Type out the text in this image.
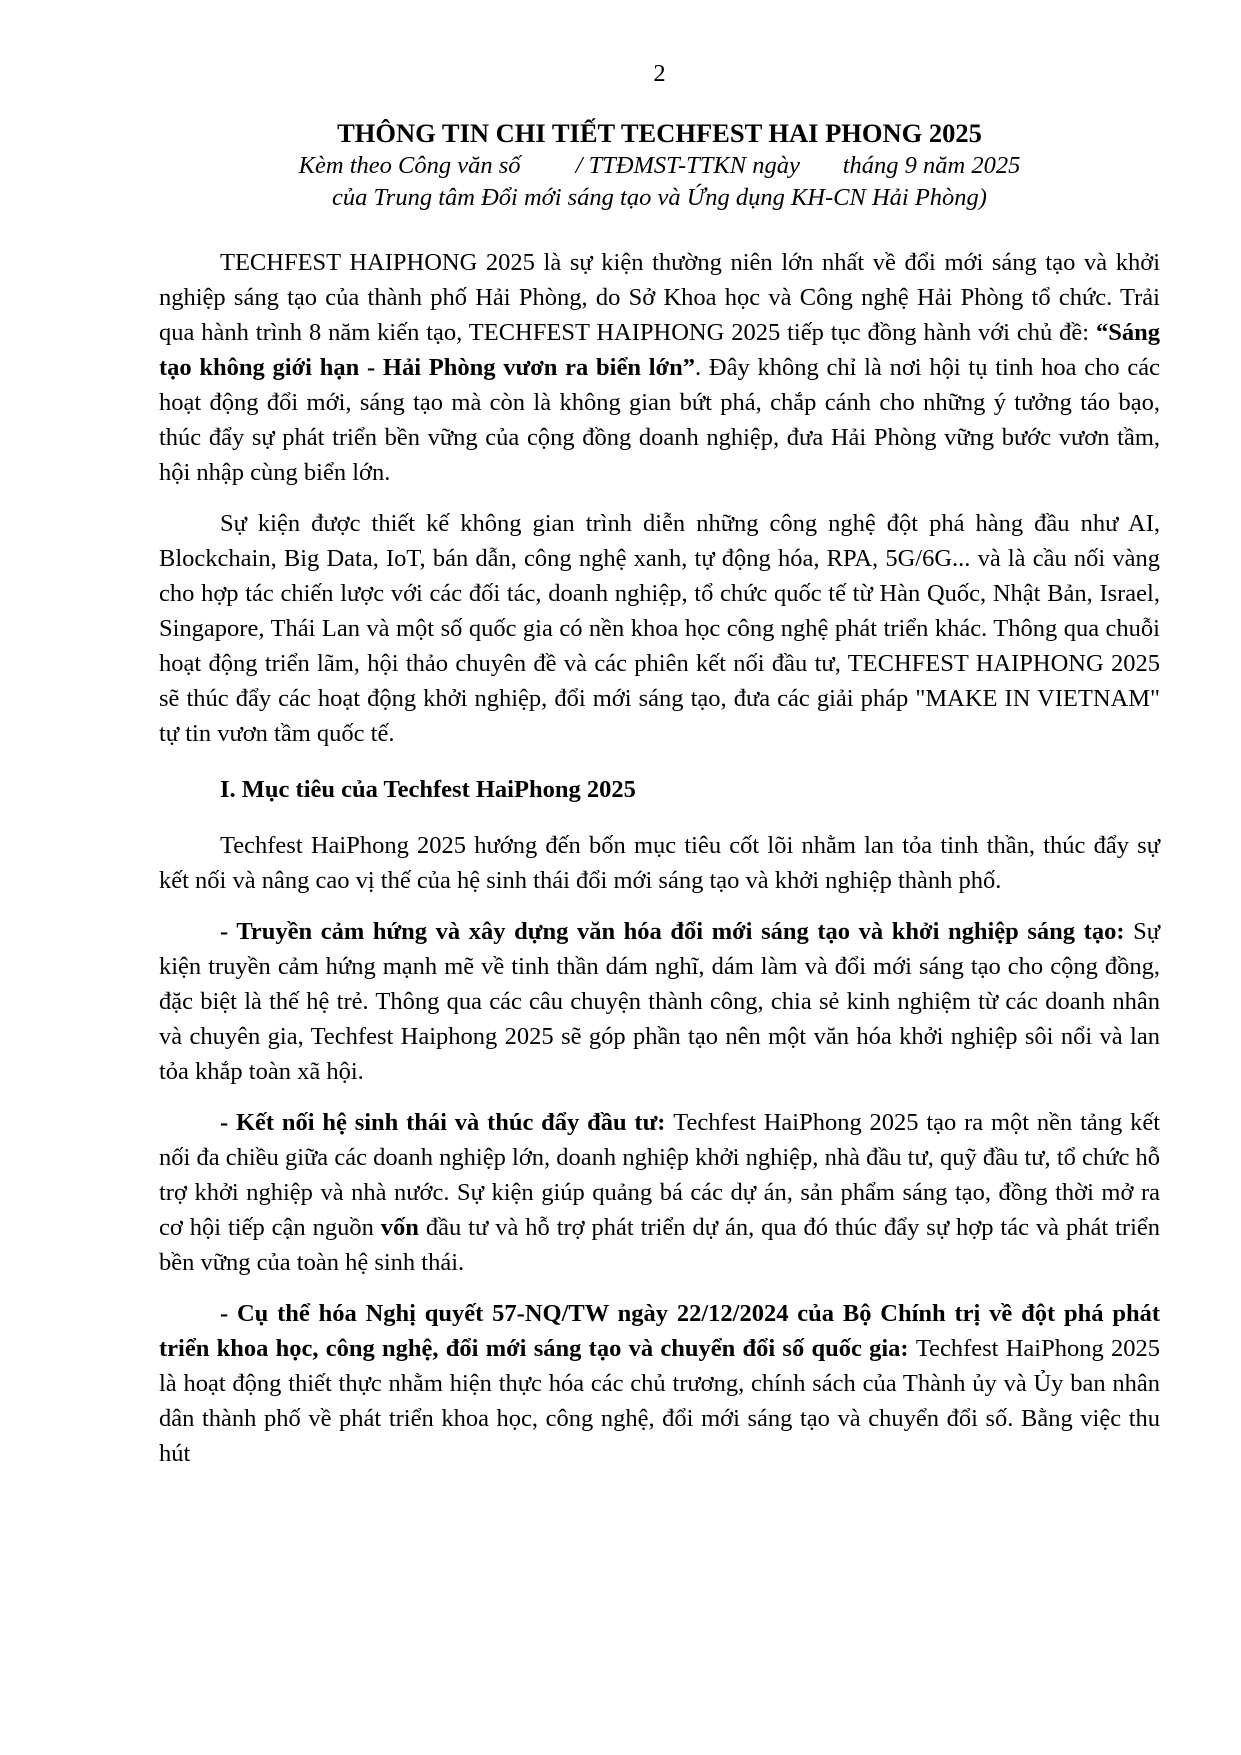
2
THÔNG TIN CHI TIẾT TECHFEST HAI PHONG 2025
Kèm theo Công văn số         / TTĐMST-TTKN ngày       tháng 9 năm 2025
của Trung tâm Đổi mới sáng tạo và Ứng dụng KH-CN Hải Phòng)

TECHFEST HAIPHONG 2025 là sự kiện thường niên lớn nhất về đổi mới sáng tạo và khởi nghiệp sáng tạo của thành phố Hải Phòng, do Sở Khoa học và Công nghệ Hải Phòng tổ chức. Trải qua hành trình 8 năm kiến tạo, TECHFEST HAIPHONG 2025 tiếp tục đồng hành với chủ đề: “Sáng tạo không giới hạn - Hải Phòng vươn ra biển lớn”. Đây không chỉ là nơi hội tụ tinh hoa cho các hoạt động đổi mới, sáng tạo mà còn là không gian bứt phá, chắp cánh cho những ý tưởng táo bạo, thúc đẩy sự phát triển bền vững của cộng đồng doanh nghiệp, đưa Hải Phòng vững bước vươn tầm, hội nhập cùng biển lớn.

Sự kiện được thiết kế không gian trình diễn những công nghệ đột phá hàng đầu như AI, Blockchain, Big Data, IoT, bán dẫn, công nghệ xanh, tự động hóa, RPA, 5G/6G... và là cầu nối vàng cho hợp tác chiến lược với các đối tác, doanh nghiệp, tổ chức quốc tế từ Hàn Quốc, Nhật Bản, Israel, Singapore, Thái Lan và một số quốc gia có nền khoa học công nghệ phát triển khác. Thông qua chuỗi hoạt động triển lãm, hội thảo chuyên đề và các phiên kết nối đầu tư, TECHFEST HAIPHONG 2025 sẽ thúc đẩy các hoạt động khởi nghiệp, đổi mới sáng tạo, đưa các giải pháp "MAKE IN VIETNAM" tự tin vươn tầm quốc tế.

I. Mục tiêu của Techfest HaiPhong 2025

Techfest HaiPhong 2025 hướng đến bốn mục tiêu cốt lõi nhằm lan tỏa tinh thần, thúc đẩy sự kết nối và nâng cao vị thế của hệ sinh thái đổi mới sáng tạo và khởi nghiệp thành phố.

- Truyền cảm hứng và xây dựng văn hóa đổi mới sáng tạo và khởi nghiệp sáng tạo: Sự kiện truyền cảm hứng mạnh mẽ về tinh thần dám nghĩ, dám làm và đổi mới sáng tạo cho cộng đồng, đặc biệt là thế hệ trẻ. Thông qua các câu chuyện thành công, chia sẻ kinh nghiệm từ các doanh nhân và chuyên gia, Techfest Haiphong 2025 sẽ góp phần tạo nên một văn hóa khởi nghiệp sôi nổi và lan tỏa khắp toàn xã hội.

- Kết nối hệ sinh thái và thúc đẩy đầu tư: Techfest HaiPhong 2025 tạo ra một nền tảng kết nối đa chiều giữa các doanh nghiệp lớn, doanh nghiệp khởi nghiệp, nhà đầu tư, quỹ đầu tư, tổ chức hỗ trợ khởi nghiệp và nhà nước. Sự kiện giúp quảng bá các dự án, sản phẩm sáng tạo, đồng thời mở ra cơ hội tiếp cận nguồn vốn đầu tư và hỗ trợ phát triển dự án, qua đó thúc đẩy sự hợp tác và phát triển bền vững của toàn hệ sinh thái.

- Cụ thể hóa Nghị quyết 57-NQ/TW ngày 22/12/2024 của Bộ Chính trị về đột phá phát triển khoa học, công nghệ, đổi mới sáng tạo và chuyển đổi số quốc gia: Techfest HaiPhong 2025 là hoạt động thiết thực nhằm hiện thực hóa các chủ trương, chính sách của Thành ủy và Ủy ban nhân dân thành phố về phát triển khoa học, công nghệ, đổi mới sáng tạo và chuyển đổi số. Bằng việc thu hút
